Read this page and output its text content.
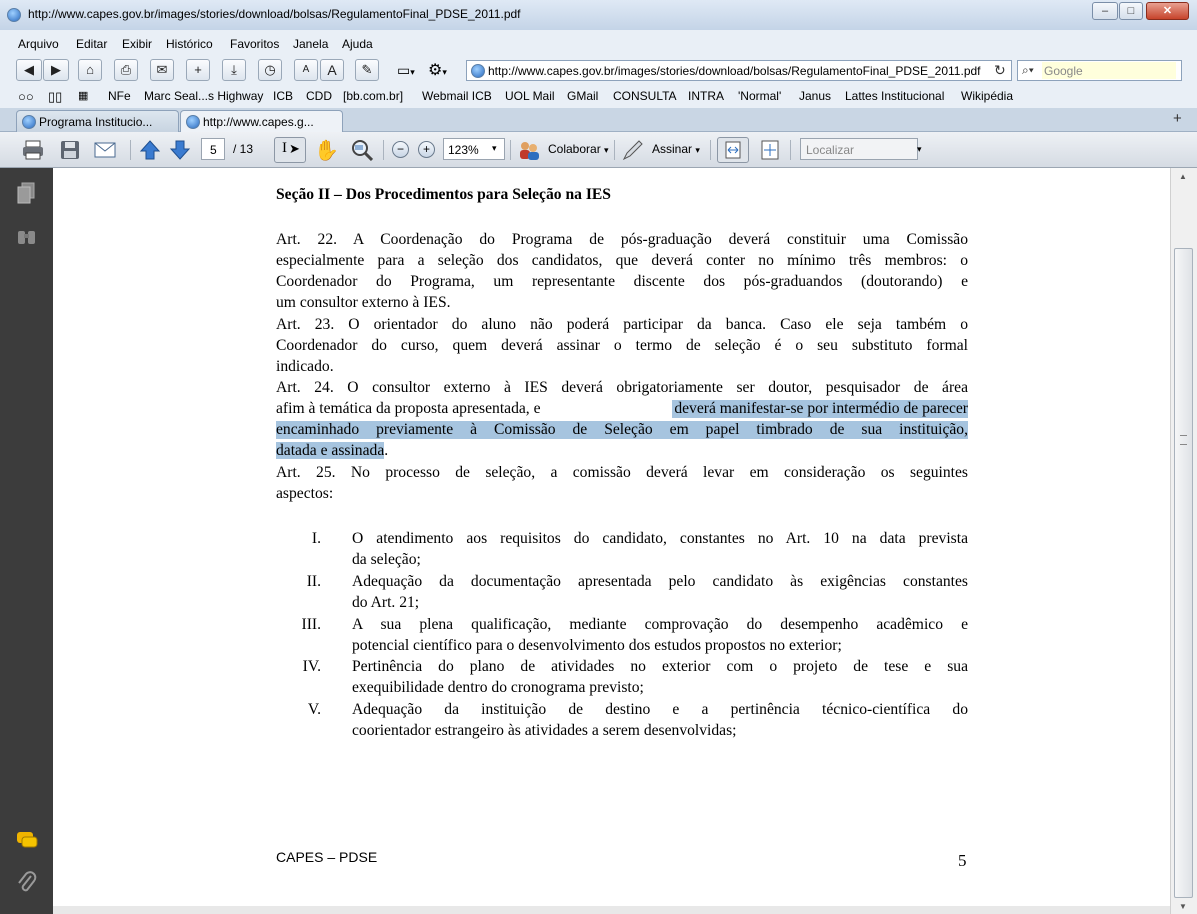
http://www.capes.gov.br/images/stories/download/bolsas/RegulamentoFinal_PDSE_2011.pdf	–	□	✕
Arquivo Editar Exibir Histórico Favoritos Janela Ajuda
◀	▶	⌂	⎙	✉	+	⤓	◷	A	A	✎	▭▾ ⚙▾	http://www.capes.gov.br/images/stories/download/bolsas/RegulamentoFinal_PDSE_2011.pdf ↻ ⌕▾ Google
○○ ▯▯ ▦ NFe Marc Seal...s Highway ICB CDD [bb.com.br] Webmail ICB UOL Mail GMail CONSULTA INTRA 'Normal' Janus Lattes Institucional Wikipédia
Programa Institucio...	http://www.capes.g...	+
I ➤ ✋	−	+
5 / 13	123% ▾	Colaborar ▾	Assinar ▾	Localizar	▾
Seção II – Dos Procedimentos para Seleção na IES
Art. 22. A Coordenação do Programa de pós-graduação deverá constituir uma Comissão
especialmente para a seleção dos candidatos, que deverá conter no mínimo três membros: o
Coordenador do Programa, um representante discente dos pós-graduandos (doutorando) e
um consultor externo à IES.
Art. 23. O orientador do aluno não poderá participar da banca. Caso ele seja também o
Coordenador do curso, quem deverá assinar o termo de seleção é o seu substituto formal
indicado.
Art. 24. O consultor externo à IES deverá obrigatoriamente ser doutor, pesquisador de área
afim à temática da proposta apresentada, e	deverá manifestar-se por intermédio de parecer
encaminhado previamente à Comissão de Seleção em papel timbrado de sua instituição,
datada e assinada.
Art. 25. No processo de seleção, a comissão deverá levar em consideração os seguintes
aspectos:
I. O atendimento aos requisitos do candidato, constantes no Art. 10 na data prevista
da seleção;
II. Adequação da documentação apresentada pelo candidato às exigências constantes
do Art. 21;
III. A sua plena qualificação, mediante comprovação do desempenho acadêmico e
potencial científico para o desenvolvimento dos estudos propostos no exterior;
IV. Pertinência do plano de atividades no exterior com o projeto de tese e sua
exequibilidade dentro do cronograma previsto;
V. Adequação da instituição de destino e a pertinência técnico-científica do
coorientador estrangeiro às atividades a serem desenvolvidas;
CAPES – PDSE	5
▲
▼
